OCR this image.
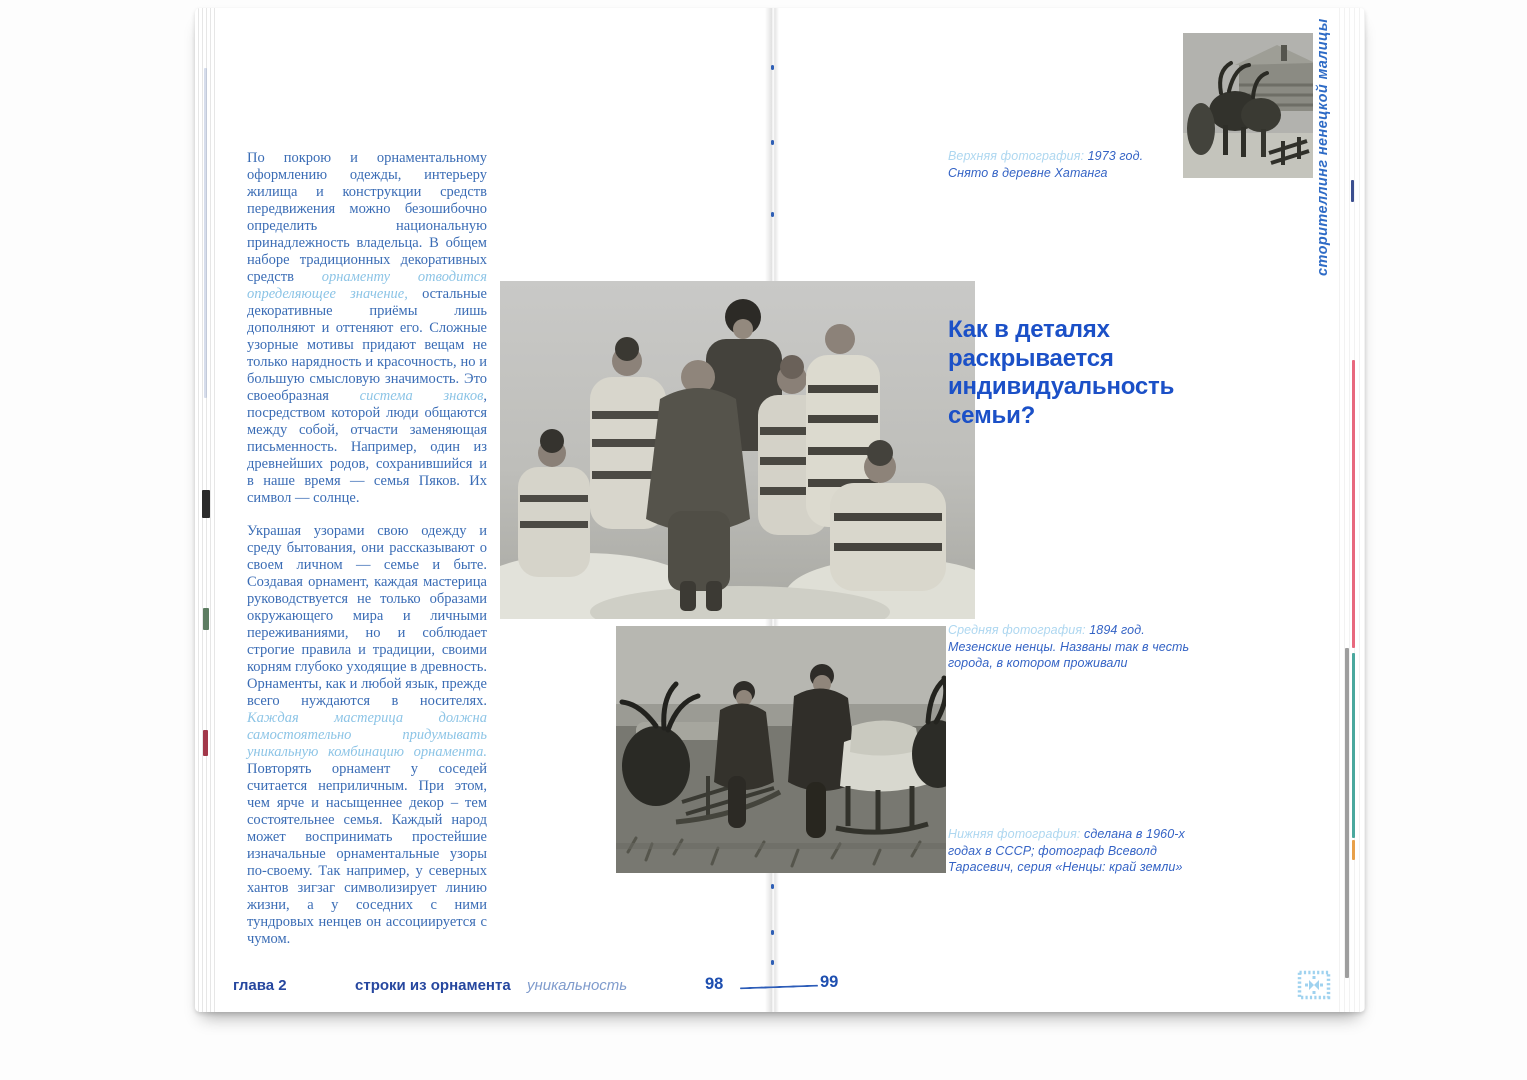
По покрою и орнаментальному оформлению одежды, интерьеру жилища и конструкции средств передвижения можно безошибочно определить национальную принадлежность владельца. В общем наборе традиционных декоративных средств орнаменту отводится определяющее значение, остальные декоративные приёмы лишь дополняют и оттеняют его. Сложные узорные мотивы придают вещам не только нарядность и красочность, но и большую смысловую значимость. Это своеобразная система знаков, посредством которой люди общаются между собой, отчасти заменяющая письменность. Например, один из древнейших родов, сохранившийся и в наше время — семья Пяков. Их символ — солнце.

Украшая узорами свою одежду и среду бытования, они рассказывают о своем личном — семье и быте. Создавая орнамент, каждая мастерица руководствуется не только образами окружающего мира и личными переживаниями, но и соблюдает строгие правила и традиции, своими корням глубоко уходящие в древность. Орнаменты, как и любой язык, прежде всего нуждаются в носителях. Каждая мастерица должна самостоятельно придумывать уникальную комбинацию орнамента. Повторять орнамент у соседей считается неприличным. При этом, чем ярче и насыщеннее декор – тем состоятельнее семья. Каждый народ может воспринимать простейшие изначальные орнаментальные узоры по-своему. Так например, у северных хантов зигзаг символизирует линию жизни, а у соседних с ними тундровых ненцев он ассоциируется с чумом.

Верхняя фотография: 1973 год. Снято в деревне Хатанга
Как в деталях раскрывается индивидуальность семьи?
Средняя фотография: 1894 год. Мезенские ненцы. Названы так в честь города, в котором проживали
Нижняя фотография: сделана в 1960-х годах в СССР; фотограф Всеволд Тарасевич, серия «Ненцы: край земли»
сторителлинг ненецкой малицы
глава 2	строки из орнамента уникальность	98	99
